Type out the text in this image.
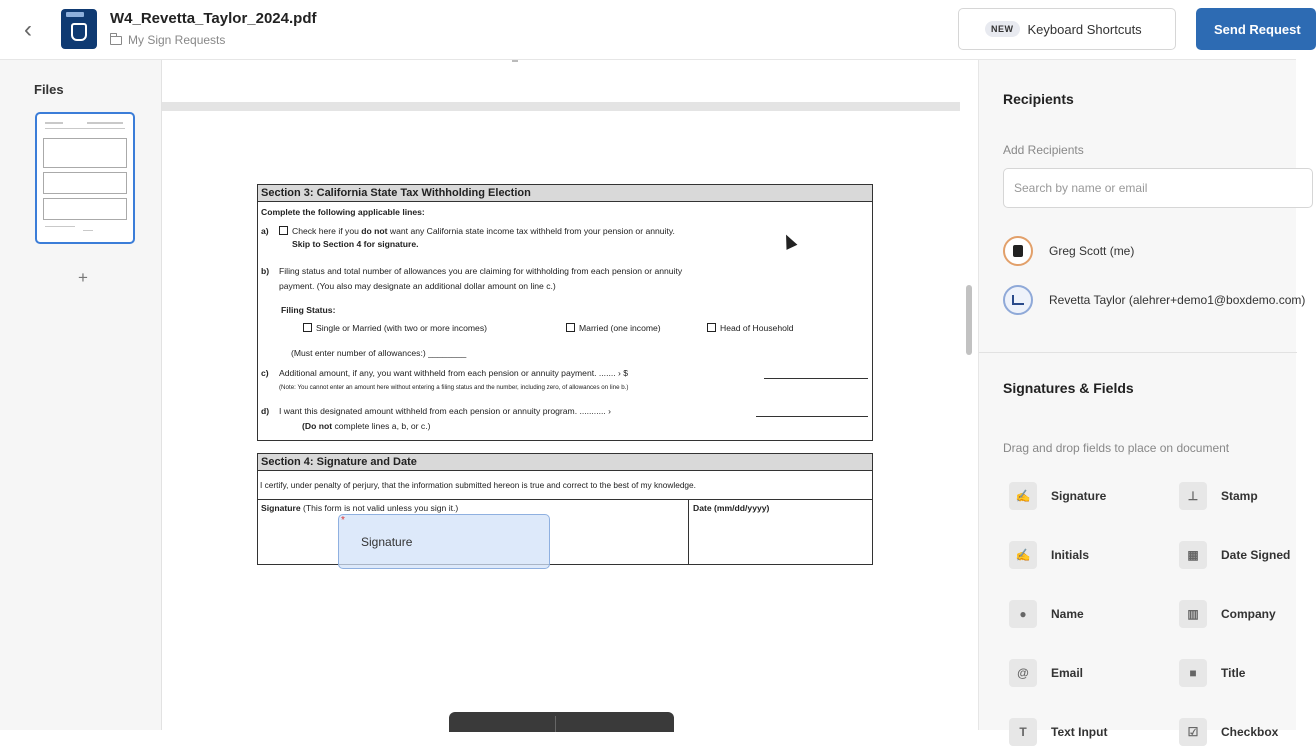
‹	W4_Revetta_Taylor_2024.pdf
My Sign Requests
NEW	Keyboard Shortcuts	Send Request
Files
+
Section 3: California State Tax Withholding Election
Complete the following applicable lines:
a)	Check here if you do not want any California state income tax withheld from your pension or annuity.
Skip to Section 4 for signature.
b) Filing status and total number of allowances you are claiming for withholding from each pension or annuity
payment. (You also may designate an additional dollar amount on line c.)
Filing Status:
Single or Married (with two or more incomes)	Married (one income)	Head of Household
(Must enter number of allowances:) ________
c) Additional amount, if any, you want withheld from each pension or annuity payment. ....... › $
(Note: You cannot enter an amount here without entering a filing status and the number, including zero, of allowances on line b.)
d) I want this designated amount withheld from each pension or annuity program. ........... ›
(Do not complete lines a, b, or c.)
Section 4: Signature and Date
I certify, under penalty of perjury, that the information submitted hereon is true and correct to the best of my knowledge.
Signature (This form is not valid unless you sign it.)	Date (mm/dd/yyyy)
*
Signature
Recipients
Add Recipients
Search by name or email
Greg Scott (me)
Revetta Taylor (alehrer+demo1@boxdemo.com)
Signatures & Fields
Drag and drop fields to place on document
✍	Signature	⊥	Stamp
✍	Initials	▦	Date Signed
●	Name	▥	Company
@	Email	■	Title
T	Text Input	☑	Checkbox
